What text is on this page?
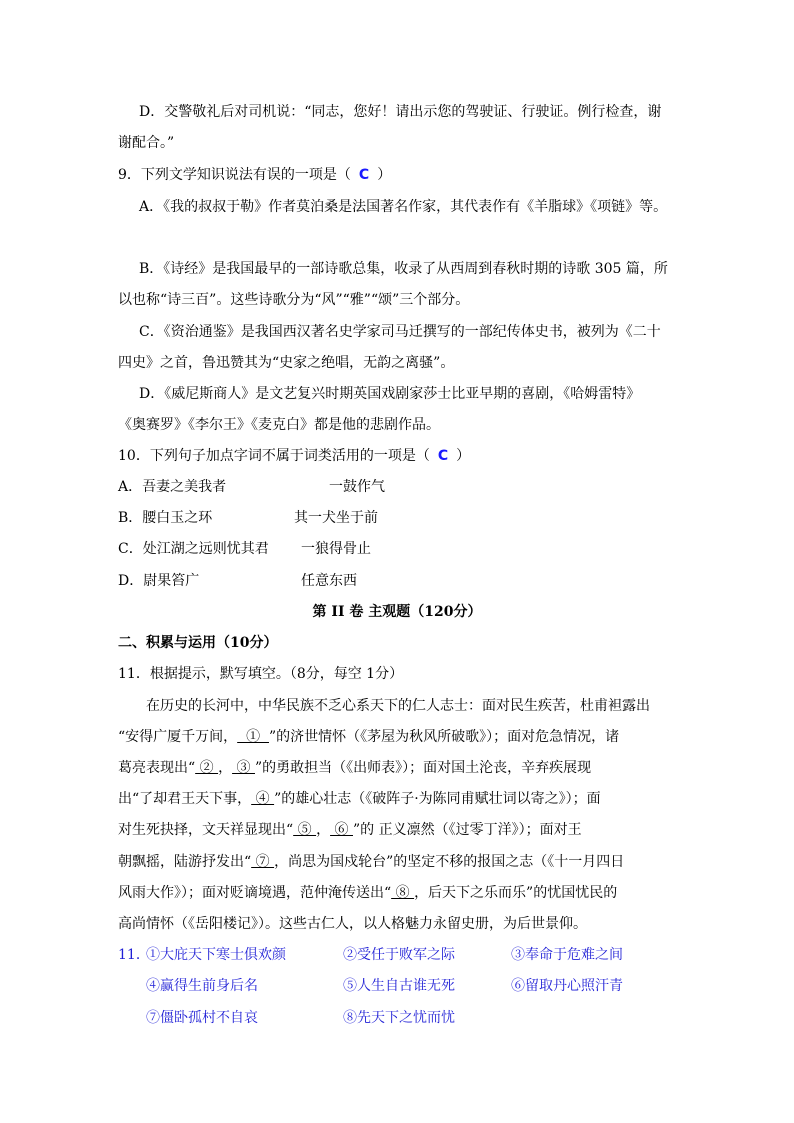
D．交警敬礼后对司机说：“同志，您好！请出示您的驾驶证、行驶证。例行检查，谢
谢配合。”
9．下列文学知识说法有误的一项是（ C ）
A．《我的叔叔于勒》作者莫泊桑是法国著名作家，其代表作有《羊脂球》《项链》等。
B．《诗经》是我国最早的一部诗歌总集，收录了从西周到春秋时期的诗歌 305 篇，所
以也称“诗三百”。这些诗歌分为“风”“雅”“颂”三个部分。
C．《资治通鉴》是我国西汉著名史学家司马迁撰写的一部纪传体史书，被列为《二十
四史》之首，鲁迅赞其为“史家之绝唱，无韵之离骚”。
D．《威尼斯商人》是文艺复兴时期英国戏剧家莎士比亚早期的喜剧，《哈姆雷特》
《奥赛罗》《李尔王》《麦克白》都是他的悲剧作品。
10．下列句子加点字词不属于词类活用的一项是（ C ）
A．吾妻之美我者	一鼓作气
B．腰白玉之环	其一犬坐于前
C．处江湖之远则忧其君 一狼得骨止
D．尉果笞广	任意东西
第 II 卷 主观题（120分）
二、积累与运用（10分）
11．根据提示，默写填空。（8分，每空 1分）
在历史的长河中，中华民族不乏心系天下的仁人志士：面对民生疾苦，杜甫袒露出
“安得广厦千万间，  ①  ”的济世情怀（《茅屋为秋风所破歌》）；面对危急情况，诸
葛亮表现出“ ② ， ③ ”的勇敢担当（《出师表》）；面对国土沦丧，辛弃疾展现
出“了却君王天下事， ④ ”的雄心壮志（《破阵子·为陈同甫赋壮词以寄之》）；面
对生死抉择，文天祥显现出“ ⑤ ， ⑥ ”的 正义凛然（《过零丁洋》）；面对王
朝飘摇，陆游抒发出“ ⑦ ，尚思为国戍轮台”的坚定不移的报国之志（《十一月四日
风雨大作》）；面对贬谪境遇，范仲淹传送出“ ⑧ ，后天下之乐而乐”的忧国忧民的
高尚情怀（《岳阳楼记》）。这些古仁人，以人格魅力永留史册，为后世景仰。
11．
①大庇天下寒士俱欢颜	②受任于败军之际	③奉命于危难之间
④赢得生前身后名	⑤人生自古谁无死	⑥留取丹心照汗青
⑦僵卧孤村不自哀	⑧先天下之忧而忧
